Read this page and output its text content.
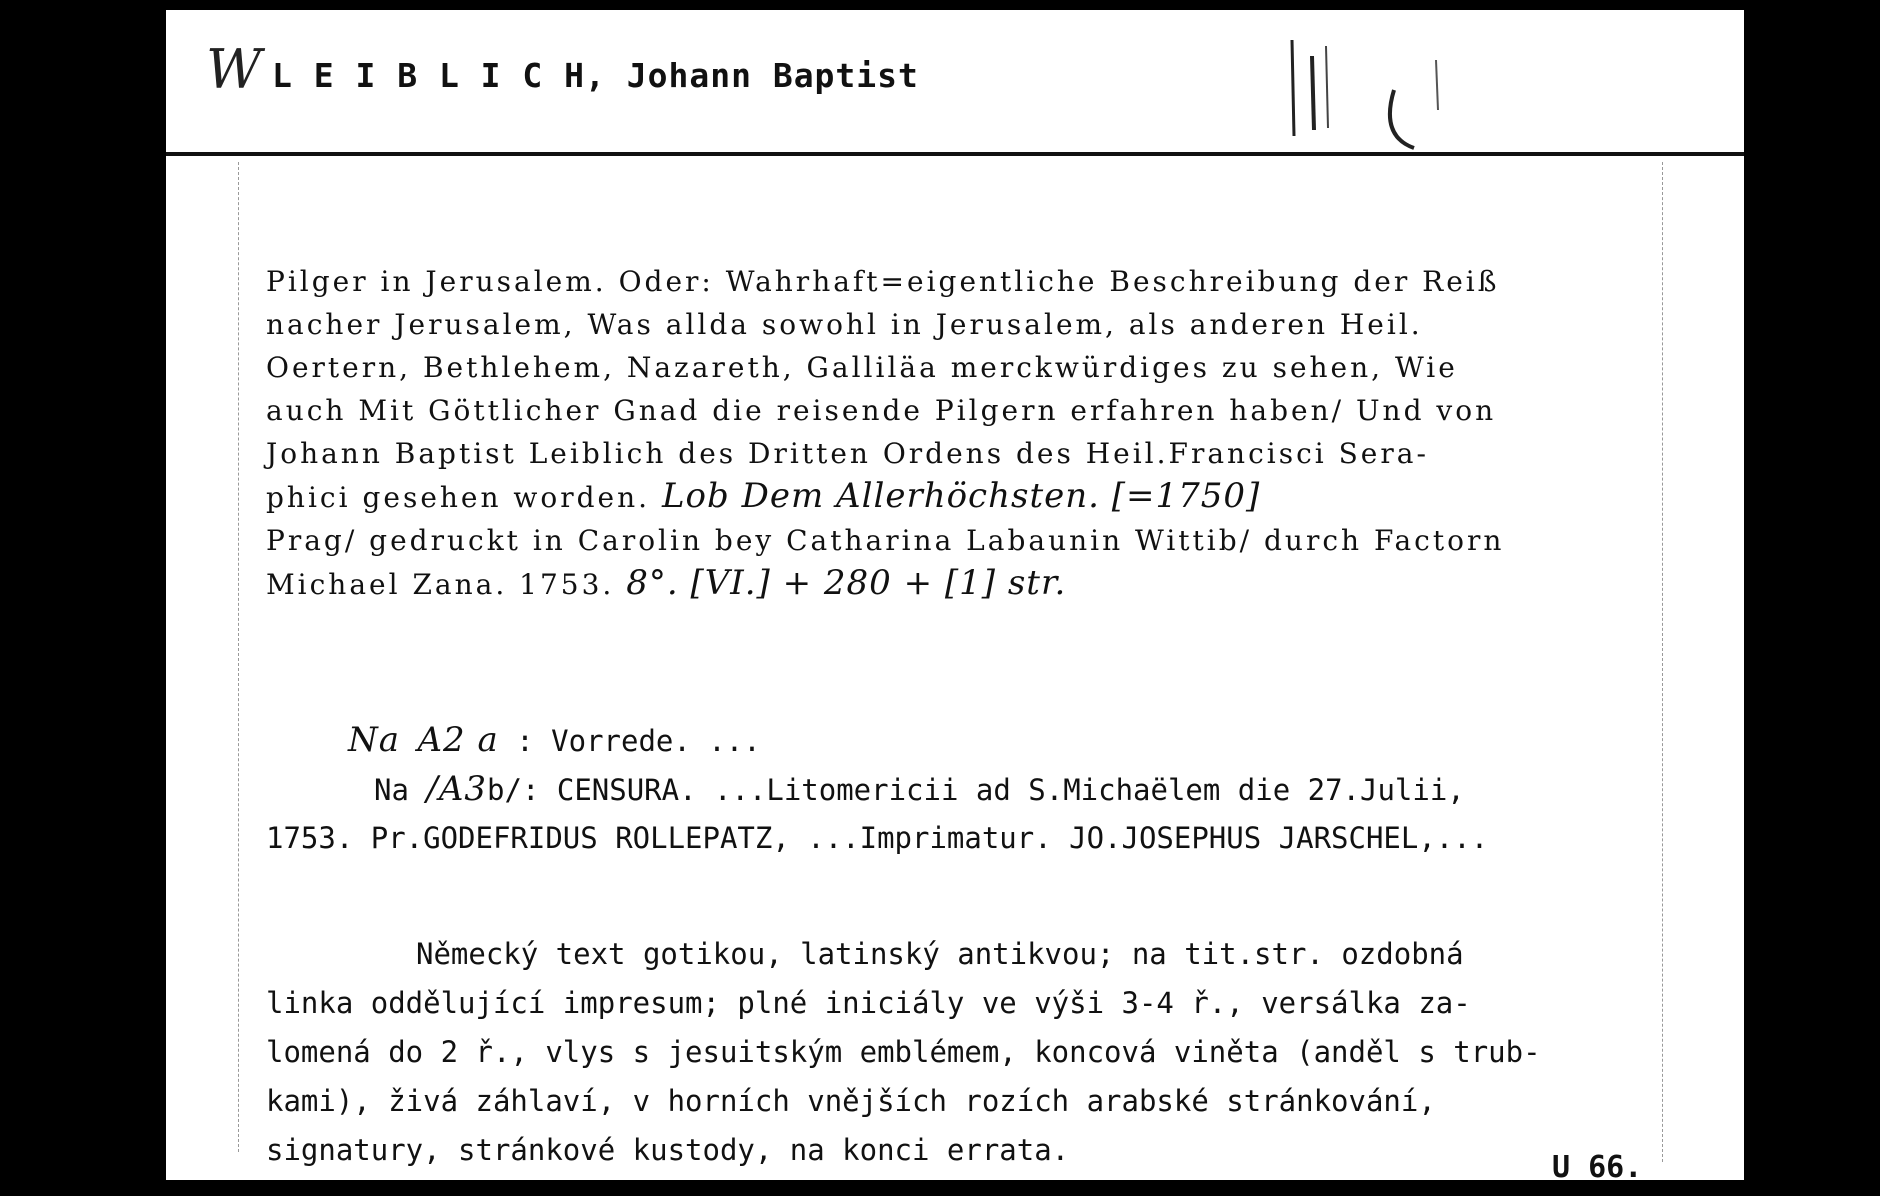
W L E I B L I C H, Johann Baptist
Pilger in Jerusalem. Oder: Wahrhaft=eigentliche Beschreibung der Reiß
nacher Jerusalem, Was allda sowohl in Jerusalem, als anderen Heil.
Oertern, Bethlehem, Nazareth, Galliläa merckwürdiges zu sehen, Wie
auch Mit Göttlicher Gnad die reisende Pilgern erfahren haben/ Und von
Johann Baptist Leiblich des Dritten Ordens des Heil.Francisci Sera-
phici gesehen worden. Lob Dem Allerhöchsten. [=1750]
Prag/ gedruckt in Carolin bey Catharina Labaunin Wittib/ durch Factorn
Michael Zana. 1753. 8°. [VI.] + 280 + [1] str.
Na A2 a : Vorrede. ...
Na /A3b/: CENSURA. ...Litomericii ad S.Michaëlem die 27.Julii,
1753. Pr.GODEFRIDUS ROLLEPATZ, ...Imprimatur. JO.JOSEPHUS JARSCHEL,...
Německý text gotikou, latinský antikvou; na tit.str. ozdobná
linka oddělující impresum; plné iniciály ve výši 3-4 ř., versálka za-
lomená do 2 ř., vlys s jesuitským emblémem, koncová viněta (anděl s trub-
kami), živá záhlaví, v horních vnějších rozích arabské stránkování,
signatury, stránkové kustody, na konci errata.	U 66.
